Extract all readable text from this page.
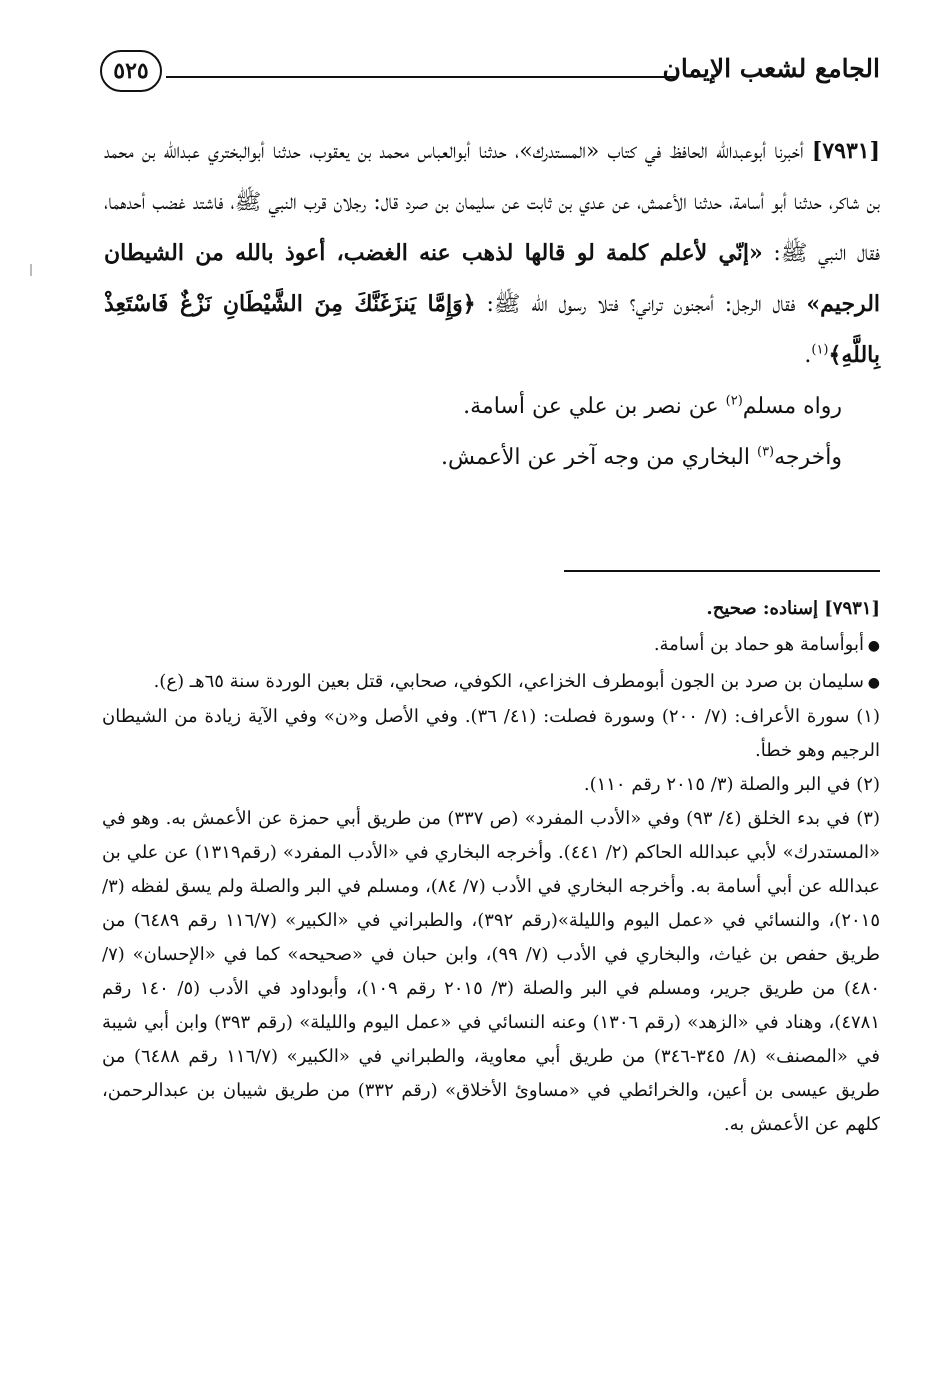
الجامع لشعب الإيمان
٥٢٥

[٧٩٣١] أخبرنا أبوعبدالله الحافظ في كتاب «المستدرك»، حدثنا أبوالعباس محمد بن يعقوب، حدثنا أبوالبختري عبدالله بن محمد بن شاكر، حدثنا أبو أسامة، حدثنا الأعمش، عن عدي بن ثابت عن سليمان بن صرد قال: رجلان قرب النبي ﷺ، فاشتد غضب أحدهما، فقال النبي ﷺ: «إنّي لأعلم كلمة لو قالها لذهب عنه الغضب، أعوذ بالله من الشيطان الرجيم» فقال الرجل: أمجنون تراني؟ فتلا رسول الله ﷺ: ﴿وَإِمَّا يَنزَغَنَّكَ مِنَ الشَّيْطَانِ نَزْغٌ فَاسْتَعِذْ بِاللَّهِ﴾$^{(١)}$.

رواه مسلم$^{(٢)}$ عن نصر بن علي عن أسامة.

وأخرجه$^{(٣)}$ البخاري من وجه آخر عن الأعمش.

[٧٩٣١] إسناده: صحيح.

●
أبوأسامة هو حماد بن أسامة.
●
سليمان بن صرد بن الجون أبومطرف الخزاعي، الكوفي، صحابي، قتل بعين الوردة سنة ٦٥هـ (ع).

(١) سورة الأعراف: (٧/ ٢٠٠) وسورة فصلت: (٤١/ ٣٦). وفي الأصل و«ن» وفي الآية زيادة من الشيطان الرجيم وهو خطأ.

(٢) في البر والصلة (٣/ ٢٠١٥ رقم ١١٠).

(٣) في بدء الخلق (٤/ ٩٣) وفي «الأدب المفرد» (ص ٣٣٧) من طريق أبي حمزة عن الأعمش به. وهو في «المستدرك» لأبي عبدالله الحاكم (٢/ ٤٤١). وأخرجه البخاري في «الأدب المفرد» (رقم١٣١٩) عن علي بن عبدالله عن أبي أسامة به. وأخرجه البخاري في الأدب (٧/ ٨٤)، ومسلم في البر والصلة ولم يسق لفظه (٣/ ٢٠١٥)، والنسائي في «عمل اليوم والليلة»(رقم ٣٩٢)، والطبراني في «الكبير» (١١٦/٧ رقم ٦٤٨٩) من طريق حفص بن غياث، والبخاري في الأدب (٧/ ٩٩)، وابن حبان في «صحيحه» كما في «الإحسان» (٧/ ٤٨٠) من طريق جرير، ومسلم في البر والصلة (٣/ ٢٠١٥ رقم ١٠٩)، وأبوداود في الأدب (٥/ ١٤٠ رقم ٤٧٨١)، وهناد في «الزهد» (رقم ١٣٠٦) وعنه النسائي في «عمل اليوم والليلة» (رقم ٣٩٣) وابن أبي شيبة في «المصنف» (٨/ ٣٤٥-٣٤٦) من طريق أبي معاوية، والطبراني في «الكبير» (١١٦/٧ رقم ٦٤٨٨) من طريق عيسى بن أعين، والخرائطي في «مساوئ الأخلاق» (رقم ٣٣٢) من طريق شيبان بن عبدالرحمن، كلهم عن الأعمش به.
